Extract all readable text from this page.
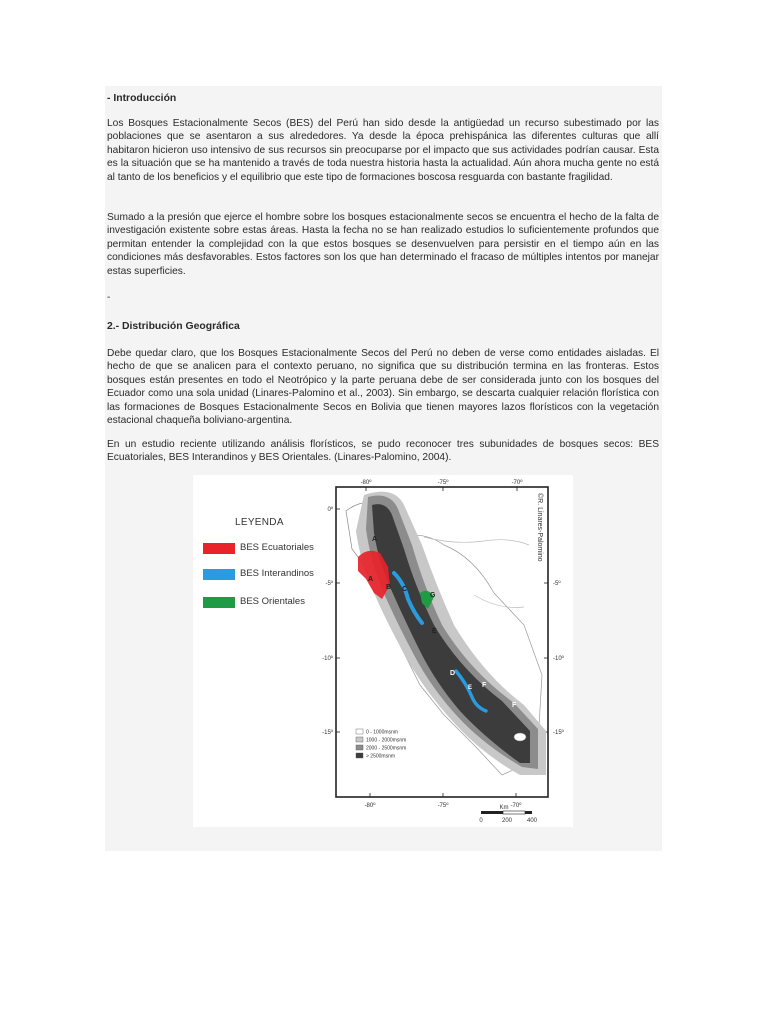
- Introducción
Los Bosques Estacionalmente Secos (BES) del Perú han sido desde la antigüedad un recurso subestimado por las poblaciones que se asentaron a sus alrededores. Ya desde la época prehispánica las diferentes culturas que allí habitaron hicieron uso intensivo de sus recursos sin preocuparse por el impacto que sus actividades podrían causar. Esta es la situación que se ha mantenido a través de toda nuestra historia hasta la actualidad. Aún ahora mucha gente no está al tanto de los beneficios y el equilibrio que este tipo de formaciones boscosa resguarda con bastante fragilidad.
Sumado a la presión que ejerce el hombre sobre los bosques estacionalmente secos se encuentra el hecho de la falta de investigación existente sobre estas áreas. Hasta la fecha no se han realizado estudios lo suficientemente profundos que permitan entender la complejidad con la que estos bosques se desenvuelven para persistir en el tiempo aún en las condiciones más desfavorables. Estos factores son los que han determinado el fracaso de múltiples intentos por manejar estas superficies.
-
2.- Distribución Geográfica
Debe quedar claro, que los Bosques Estacionalmente Secos del Perú no deben de verse como entidades aisladas. El hecho de que se analicen para el contexto peruano, no significa que su distribución termina en las fronteras. Estos bosques están presentes en todo el Neotrópico y la parte peruana debe de ser considerada junto con los bosques del Ecuador como una sola unidad (Linares-Palomino et al., 2003). Sin embargo, se descarta cualquier relación florística con las formaciones de Bosques Estacionalmente Secos en Bolivia que tienen mayores lazos florísticos con la vegetación estacional chaqueña boliviano-argentina.
En un estudio reciente utilizando análisis florísticos, se pudo reconocer tres subunidades de bosques secos: BES Ecuatoriales, BES Interandinos y BES Orientales. (Linares-Palomino, 2004).
LEYENDA
BES Ecuatoriales
BES Interandinos
BES Orientales
-80º	-75º	-70º
-80º	-75º	-70º
0º
-5º
-10º
-15º
-5º
-10º
-15º
A
A
B C
G
E
D
E F
F
©R. Linares-Palomino
0 - 1000msnm
1000 - 2000msnm
2000 - 2500msnm
> 2500msnm
Km
0	200 400
